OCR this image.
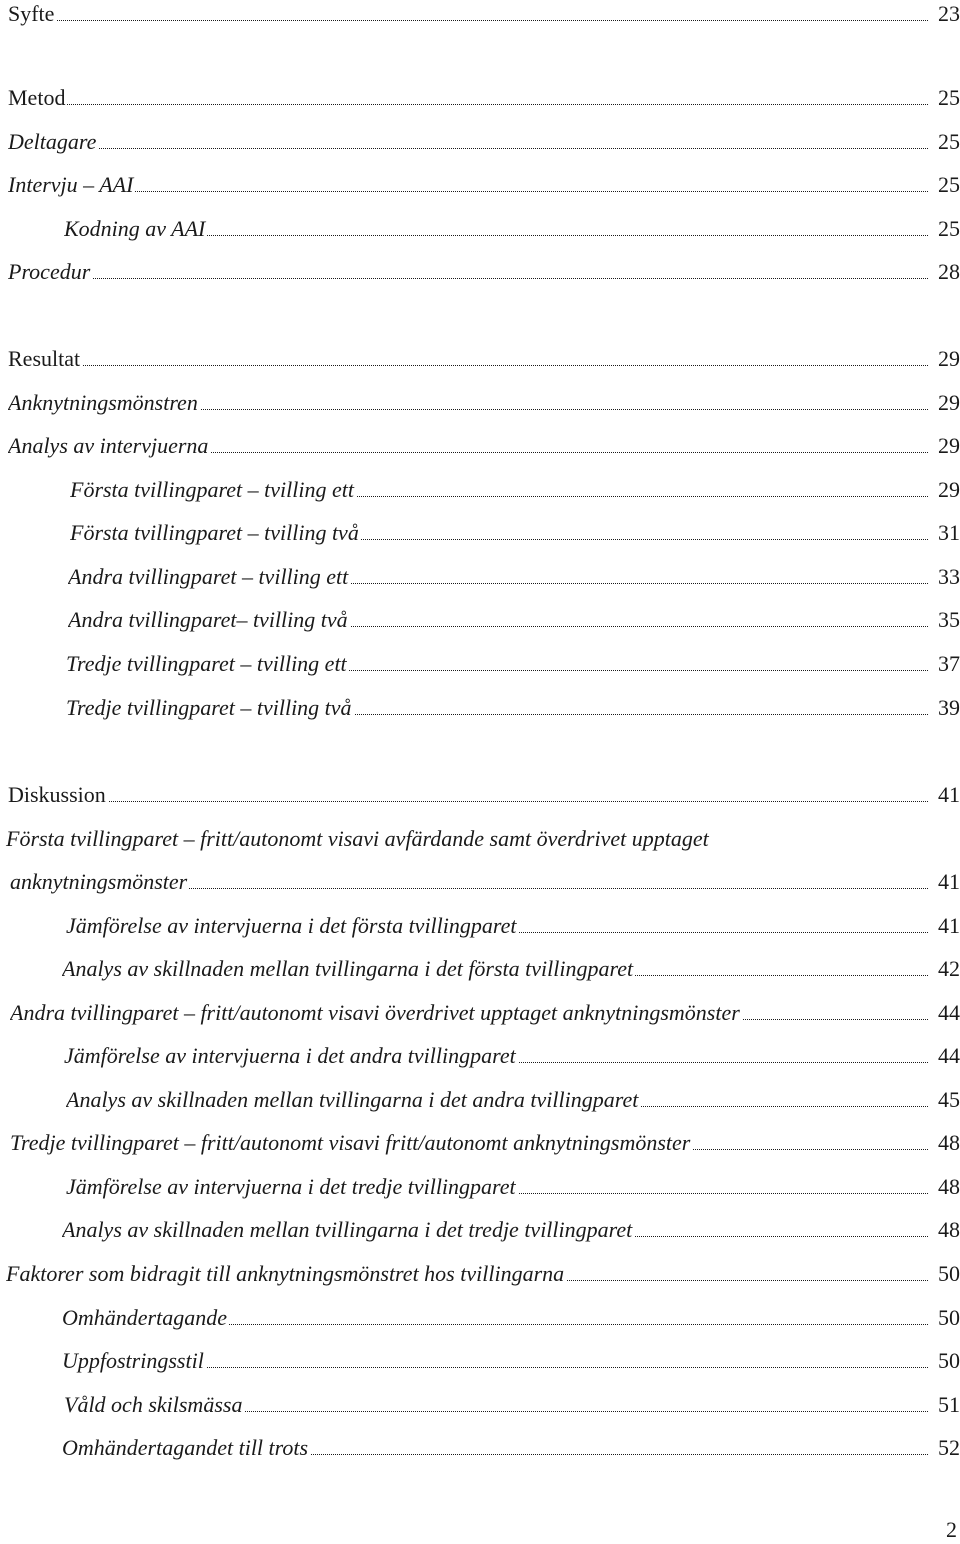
Syfte	23
Metod	25
Deltagare	25
Intervju – AAI	25
Kodning av AAI	25
Procedur	28
Resultat	29
Anknytningsmönstren	29
Analys av intervjuerna	29
Första tvillingparet – tvilling ett	29
Första tvillingparet – tvilling två	31
Andra tvillingparet – tvilling ett	33
Andra tvillingparet– tvilling två	35
Tredje tvillingparet – tvilling ett	37
Tredje tvillingparet – tvilling två	39
Diskussion	41
Första tvillingparet – fritt/autonomt visavi avfärdande samt överdrivet upptaget
anknytningsmönster	41
Jämförelse av intervjuerna i det första tvillingparet	41
Analys av skillnaden mellan tvillingarna i det första tvillingparet	42
Andra tvillingparet – fritt/autonomt visavi överdrivet upptaget anknytningsmönster	44
Jämförelse av intervjuerna i det andra tvillingparet	44
Analys av skillnaden mellan tvillingarna i det andra tvillingparet	45
Tredje tvillingparet – fritt/autonomt visavi fritt/autonomt anknytningsmönster	48
Jämförelse av intervjuerna i det tredje tvillingparet	48
Analys av skillnaden mellan tvillingarna i det tredje tvillingparet	48
Faktorer som bidragit till anknytningsmönstret hos tvillingarna	50
Omhändertagande	50
Uppfostringsstil	50
Våld och skilsmässa	51
Omhändertagandet till trots	52
2
